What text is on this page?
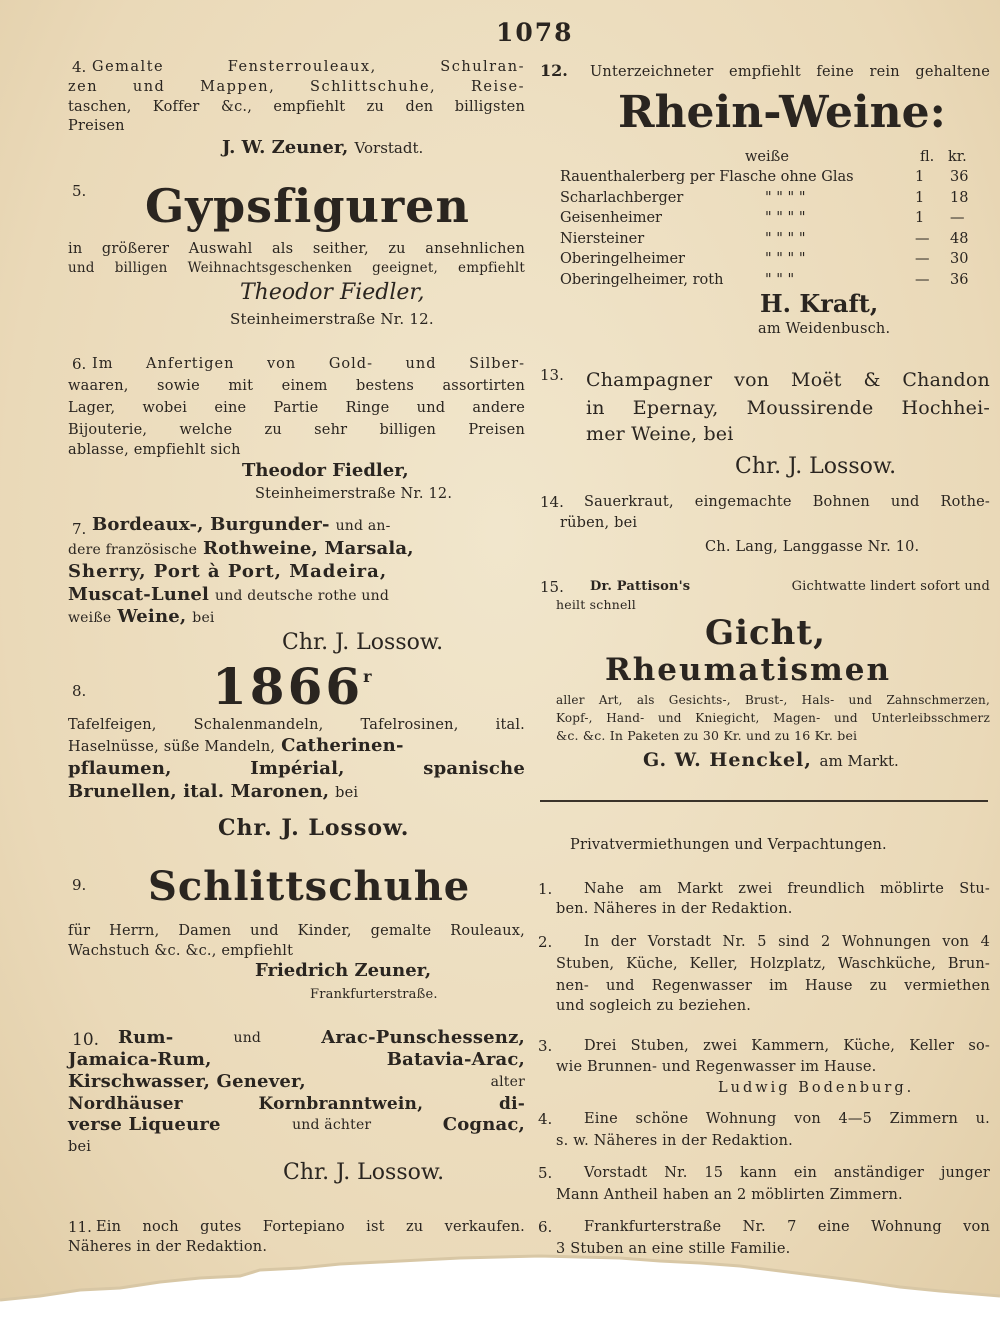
1078
4. Gemalte Fensterrouleaux, Schulran-
zen und Mappen, Schlittschuhe, Reise-
taschen, Koffer &c., empfiehlt zu den billigsten
Preisen
J. W. Zeuner, Vorstadt.
5. Gypsfiguren
in größerer Auswahl als seither, zu ansehnlichen
und billigen Weihnachtsgeschenken geeignet, empfiehlt
Theodor Fiedler,
Steinheimerstraße Nr. 12.
6. Im Anfertigen von Gold- und Silber-
waaren, sowie mit einem bestens assortirten
Lager, wobei eine Partie Ringe und andere
Bijouterie, welche zu sehr billigen Preisen
ablasse, empfiehlt sich
Theodor Fiedler,
Steinheimerstraße Nr. 12.
7. Bordeaux-, Burgunder- und an-
dere französische Rothweine, Marsala,
Sherry, Port à Port, Madeira,
Muscat-Lunel und deutsche rothe und
weiße Weine, bei
Chr. J. Lossow.
8.	1866$^r$
Tafelfeigen, Schalenmandeln, Tafelrosinen, ital.
Haselnüsse, süße Mandeln, Catherinen-
pflaumen, Impérial, spanische
Brunellen, ital. Maronen, bei
Chr. J. Lossow.
9. Schlittschuhe
für Herrn, Damen und Kinder, gemalte Rouleaux,
Wachstuch &c. &c., empfiehlt
Friedrich Zeuner,
Frankfurterstraße.
10. Rum-	und	Arac-Punschessenz,
Jamaica-Rum, Batavia-Arac,
Kirschwasser, Genever,	alter
Nordhäuser Kornbranntwein, di-
verse Liqueure	und ächter	Cognac,
bei
Chr. J. Lossow.
11. Ein noch gutes Fortepiano ist zu verkaufen.
Näheres in der Redaktion.
12. Unterzeichneter empfiehlt feine rein gehaltene
Rhein-Weine:
weiße	fl. kr.
Rauenthalerberg per Flasche ohne Glas	1 36
Scharlachberger	" " " "	1 18
Geisenheimer	" " " "	1 —
Niersteiner	" " " "	— 48
Oberingelheimer	" " " "	— 30
Oberingelheimer, roth	" " "	— 36
H. Kraft,
am Weidenbusch.
13. Champagner von Moët & Chandon
in Epernay, Moussirende Hochhei-
mer Weine, bei
Chr. J. Lossow.
14. Sauerkraut, eingemachte Bohnen und Rothe-
rüben, bei
Ch. Lang, Langgasse Nr. 10.
15. Dr. Pattison's	Gichtwatte lindert sofort und
heilt schnell
Gicht,
Rheumatismen
aller Art, als Gesichts-, Brust-, Hals- und Zahnschmerzen,
Kopf-, Hand- und Kniegicht, Magen- und Unterleibsschmerz
&c. &c. In Paketen zu 30 Kr. und zu 16 Kr. bei
G. W. Henckel, am Markt.
Privatvermiethungen und Verpachtungen.
1. Nahe am Markt zwei freundlich möblirte Stu-
ben. Näheres in der Redaktion.
2. In der Vorstadt Nr. 5 sind 2 Wohnungen von 4
Stuben, Küche, Keller, Holzplatz, Waschküche, Brun-
nen- und Regenwasser im Hause zu vermiethen
und sogleich zu beziehen.
3. Drei Stuben, zwei Kammern, Küche, Keller so-
wie Brunnen- und Regenwasser im Hause.
Ludwig Bodenburg.
4. Eine schöne Wohnung von 4—5 Zimmern u.
s. w. Näheres in der Redaktion.
5. Vorstadt Nr. 15 kann ein anständiger junger
Mann Antheil haben an 2 möblirten Zimmern.
6. Frankfurterstraße Nr. 7 eine Wohnung von
3 Stuben an eine stille Familie.
